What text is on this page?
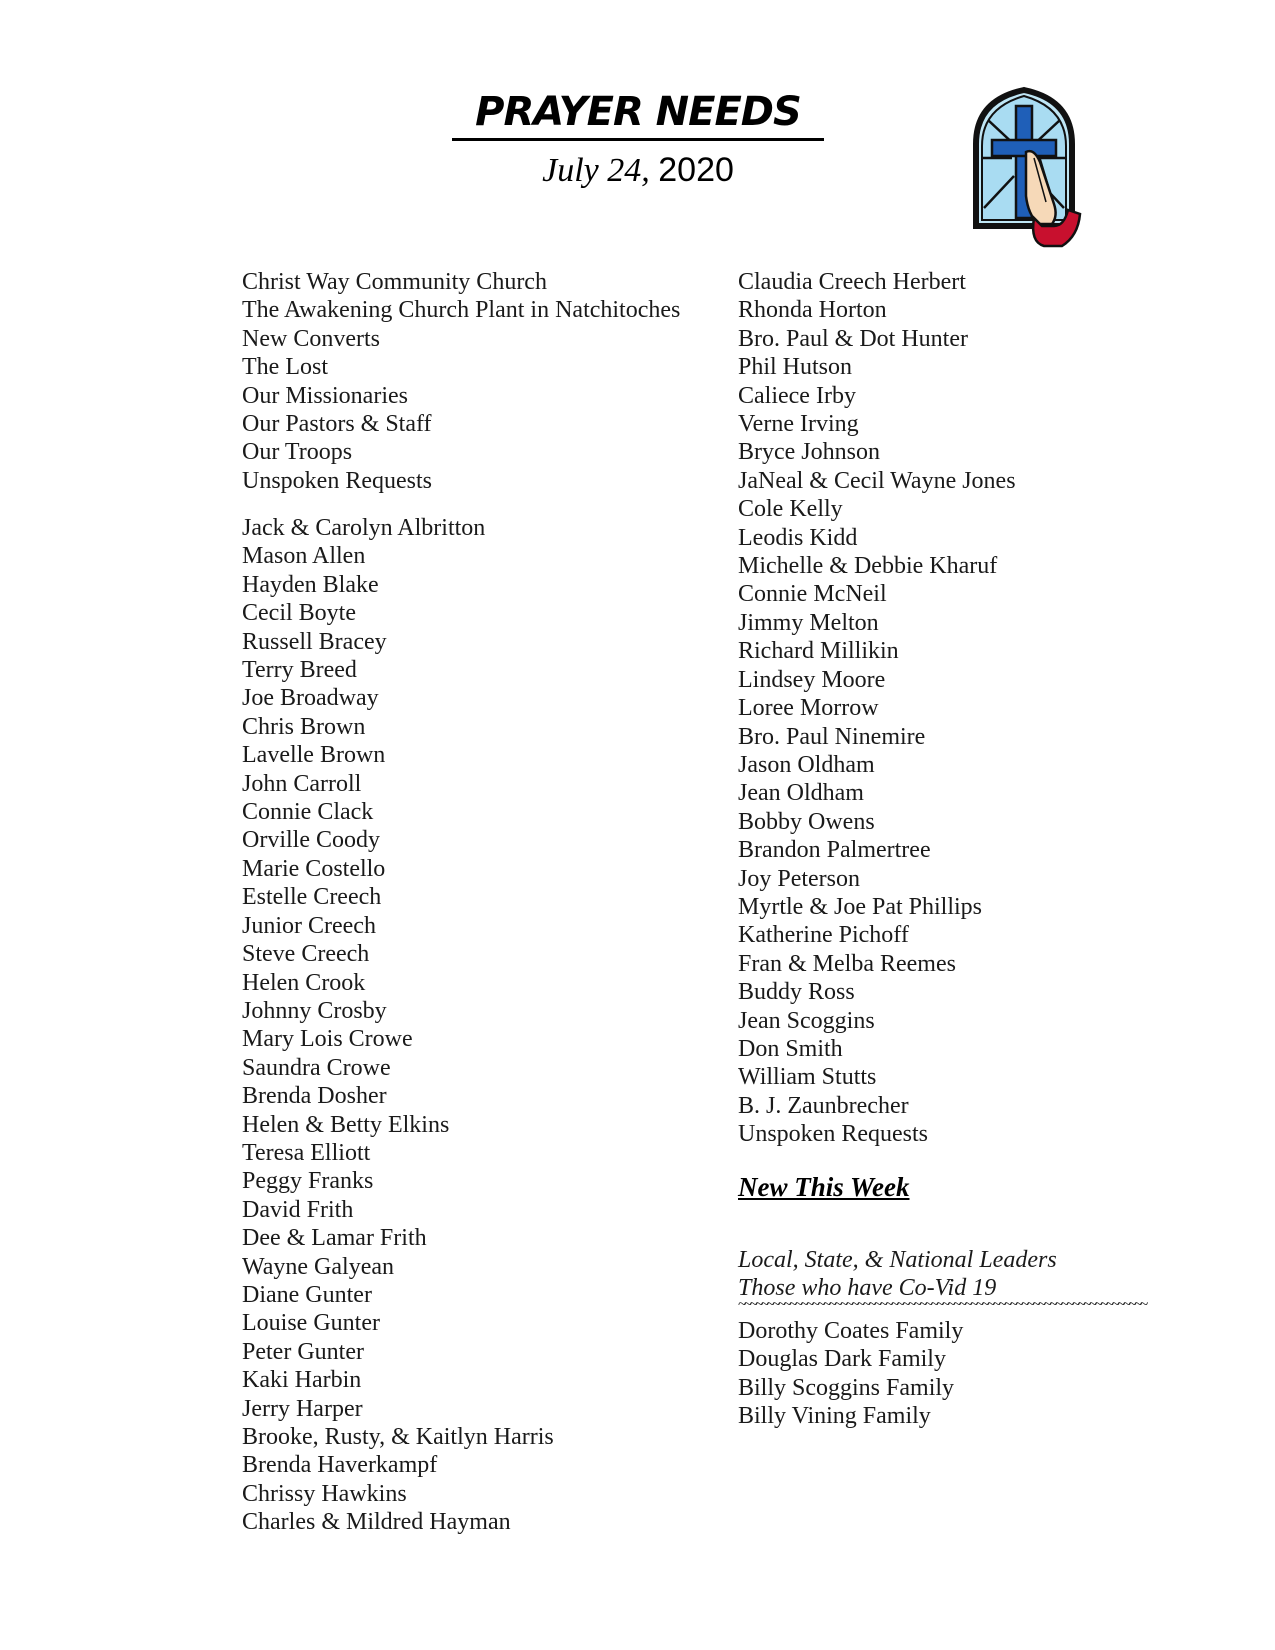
PRAYER NEEDS
July 24, 2020
Christ Way Community Church
The Awakening Church Plant in Natchitoches
New Converts
The Lost
Our Missionaries
Our Pastors & Staff
Our Troops
Unspoken Requests
Jack & Carolyn Albritton
Mason Allen
Hayden Blake
Cecil Boyte
Russell Bracey
Terry Breed
Joe Broadway
Chris Brown
Lavelle Brown
John Carroll
Connie Clack
Orville Coody
Marie Costello
Estelle Creech
Junior Creech
Steve Creech
Helen Crook
Johnny Crosby
Mary Lois Crowe
Saundra Crowe
Brenda Dosher
Helen & Betty Elkins
Teresa Elliott
Peggy Franks
David Frith
Dee & Lamar Frith
Wayne Galyean
Diane Gunter
Louise Gunter
Peter Gunter
Kaki Harbin
Jerry Harper
Brooke, Rusty, & Kaitlyn Harris
Brenda Haverkampf
Chrissy Hawkins
Charles & Mildred Hayman
Claudia Creech Herbert
Rhonda Horton
Bro. Paul & Dot Hunter
Phil Hutson
Caliece Irby
Verne Irving
Bryce Johnson
JaNeal & Cecil Wayne Jones
Cole Kelly
Leodis Kidd
Michelle & Debbie Kharuf
Connie McNeil
Jimmy Melton
Richard Millikin
Lindsey Moore
Loree Morrow
Bro. Paul Ninemire
Jason Oldham
Jean Oldham
Bobby Owens
Brandon Palmertree
Joy Peterson
Myrtle & Joe Pat Phillips
Katherine Pichoff
Fran & Melba Reemes
Buddy Ross
Jean Scoggins
Don Smith
William Stutts
B. J. Zaunbrecher
Unspoken Requests
New This Week
Local, State, & National Leaders
Those who have Co-Vid 19
~~~~~~~~~~~~~~~~~~~~~~~~~~~~~~~~~~~~~~~~~~~~~~~~~~~~~~~~~~~~~~~~~~~~~~~~
Dorothy Coates Family
Douglas Dark Family
Billy Scoggins Family
Billy Vining Family
